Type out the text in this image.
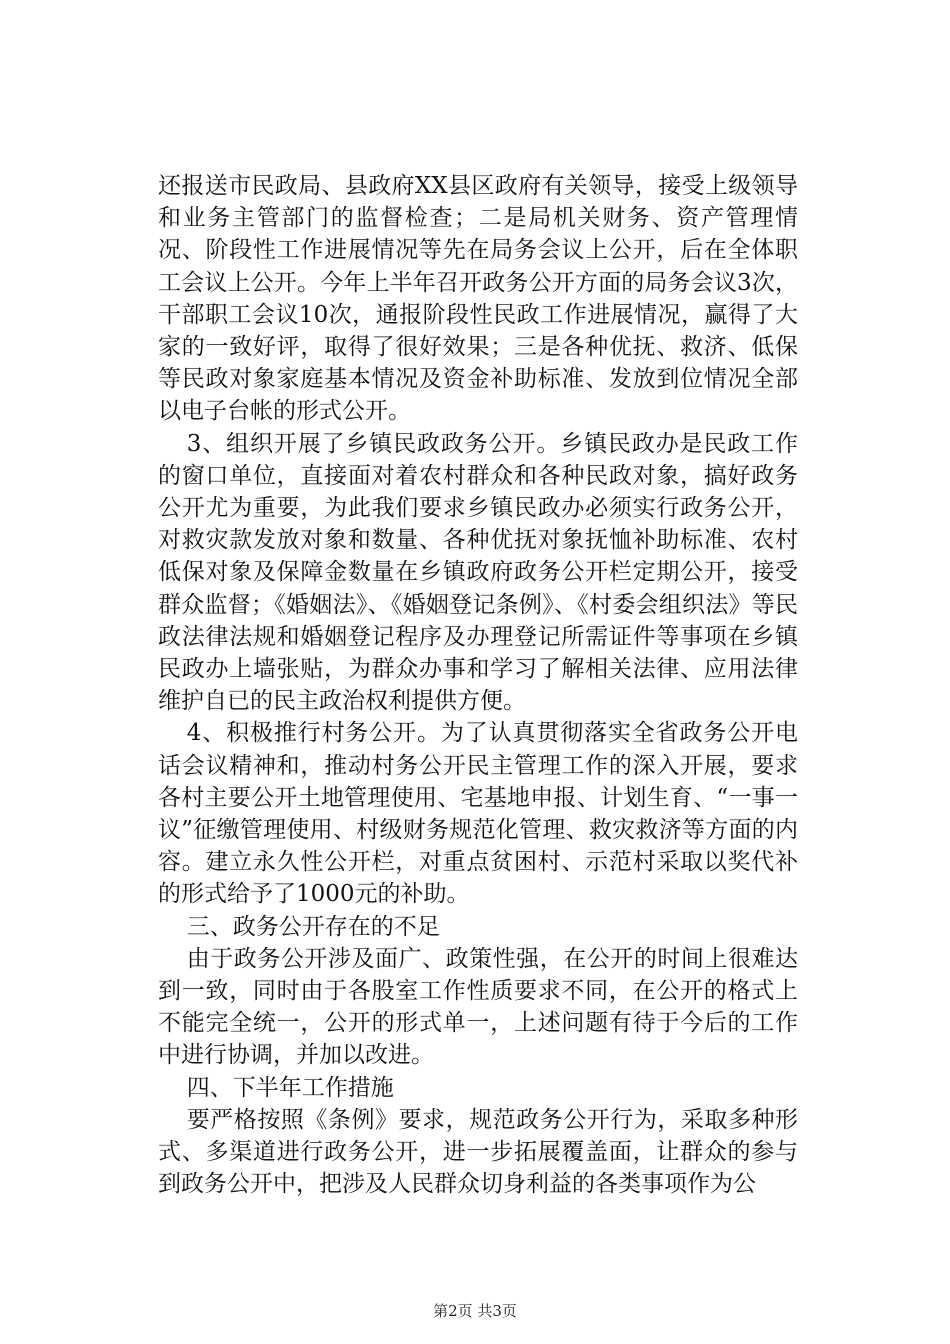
还报送市民政局、县政府XX县区政府有关领导，接受上级领导和业务主管部门的监督检查；二是局机关财务、资产管理情况、阶段性工作进展情况等先在局务会议上公开，后在全体职工会议上公开。今年上半年召开政务公开方面的局务会议3次，干部职工会议10次，通报阶段性民政工作进展情况，赢得了大家的一致好评，取得了很好效果；三是各种优抚、救济、低保等民政对象家庭基本情况及资金补助标准、发放到位情况全部以电子台帐的形式公开。

3、组织开展了乡镇民政政务公开。乡镇民政办是民政工作的窗口单位，直接面对着农村群众和各种民政对象，搞好政务公开尤为重要，为此我们要求乡镇民政办必须实行政务公开，对救灾款发放对象和数量、各种优抚对象抚恤补助标准、农村低保对象及保障金数量在乡镇政府政务公开栏定期公开，接受群众监督；《婚姻法》、《婚姻登记条例》、《村委会组织法》等民政法律法规和婚姻登记程序及办理登记所需证件等事项在乡镇民政办上墙张贴，为群众办事和学习了解相关法律、应用法律维护自已的民主政治权利提供方便。

4、积极推行村务公开。为了认真贯彻落实全省政务公开电话会议精神和，推动村务公开民主管理工作的深入开展，要求各村主要公开土地管理使用、宅基地申报、计划生育、“一事一议”征缴管理使用、村级财务规范化管理、救灾救济等方面的内容。建立永久性公开栏，对重点贫困村、示范村采取以奖代补的形式给予了1000元的补助。

三、政务公开存在的不足

由于政务公开涉及面广、政策性强，在公开的时间上很难达到一致，同时由于各股室工作性质要求不同，在公开的格式上不能完全统一，公开的形式单一，上述问题有待于今后的工作中进行协调，并加以改进。

四、下半年工作措施

要严格按照《条例》要求，规范政务公开行为，采取多种形式、多渠道进行政务公开，进一步拓展覆盖面，让群众的参与到政务公开中，把涉及人民群众切身利益的各类事项作为公

第2页 共3页
